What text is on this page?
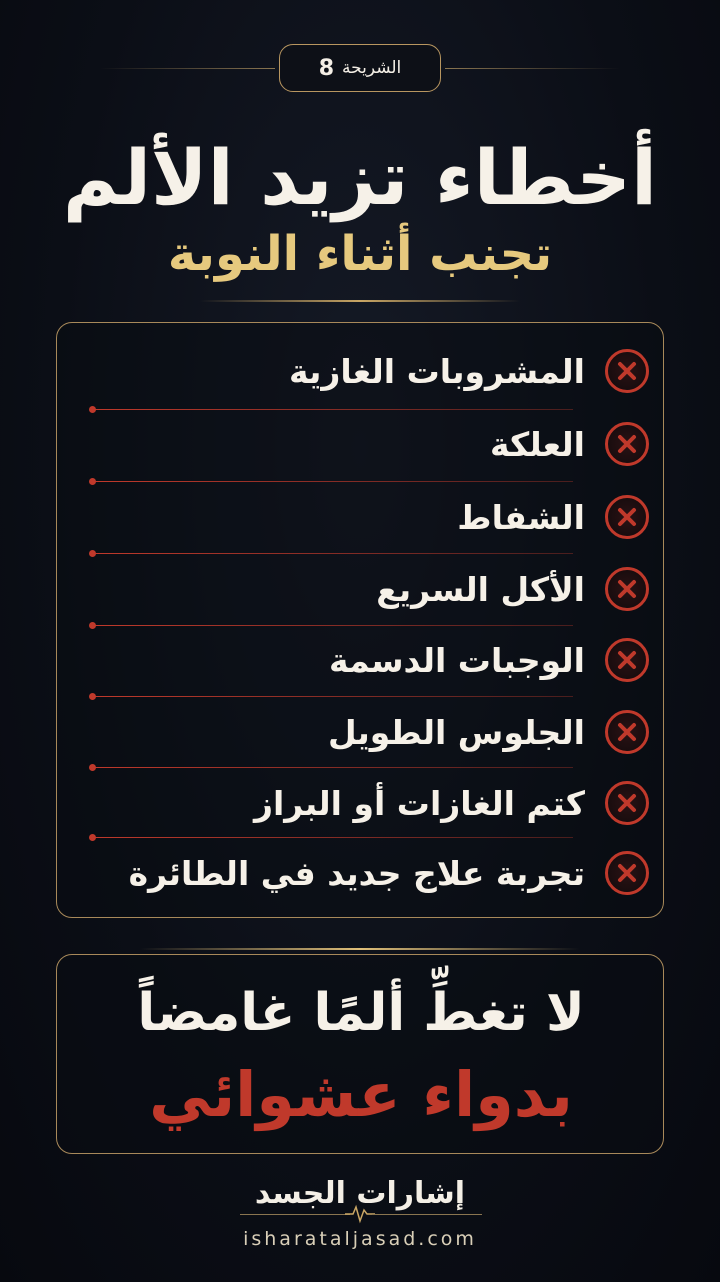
الشريحة
8
أخطاء تزيد الألم
تجنب أثناء النوبة
المشروبات الغازية
العلكة
الشفاط
الأكل السريع
الوجبات الدسمة
الجلوس الطويل
كتم الغازات أو البراز
تجربة علاج جديد في الطائرة
لا تغطِّ ألمًا غامضاً
بدواء عشوائي
إشارات الجسد
isharataljasad.com
